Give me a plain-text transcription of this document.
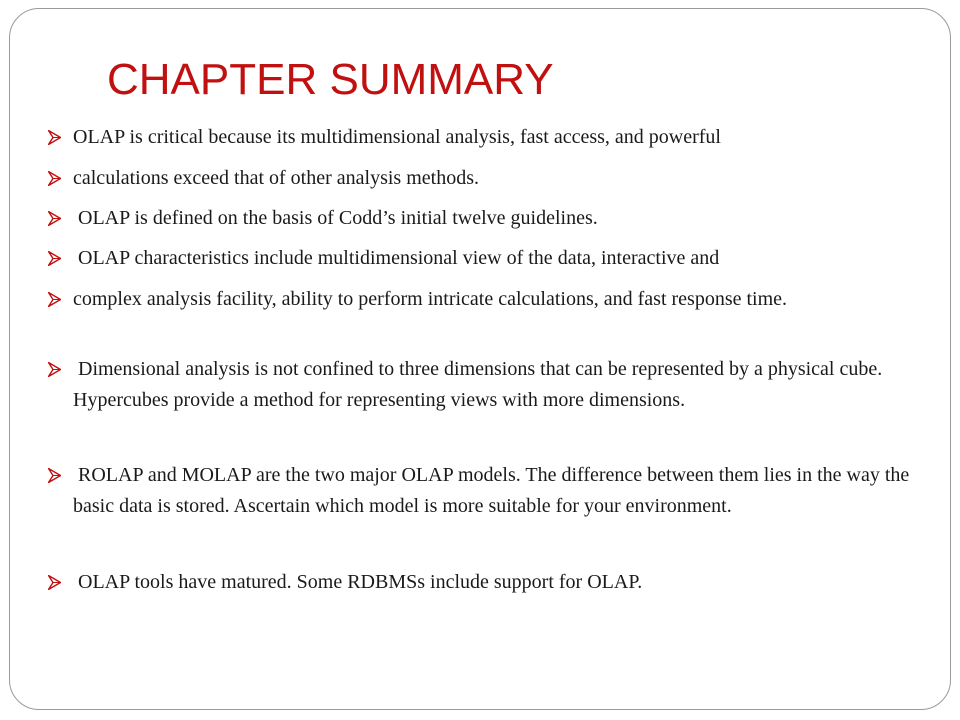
CHAPTER SUMMARY
OLAP is critical because its multidimensional analysis, fast access, and powerful
calculations exceed that of other analysis methods.
OLAP is defined on the basis of Codd’s initial twelve guidelines.
OLAP characteristics include multidimensional view of the data, interactive and
complex analysis facility, ability to perform intricate calculations, and fast response time.
Dimensional analysis is not confined to three dimensions that can be represented by a physical cube. Hypercubes provide a method for representing views with more dimensions.
ROLAP and MOLAP are the two major OLAP models. The difference between them lies in the way the basic data is stored. Ascertain which model is more suitable for your environment.
OLAP tools have matured. Some RDBMSs include support for OLAP.
